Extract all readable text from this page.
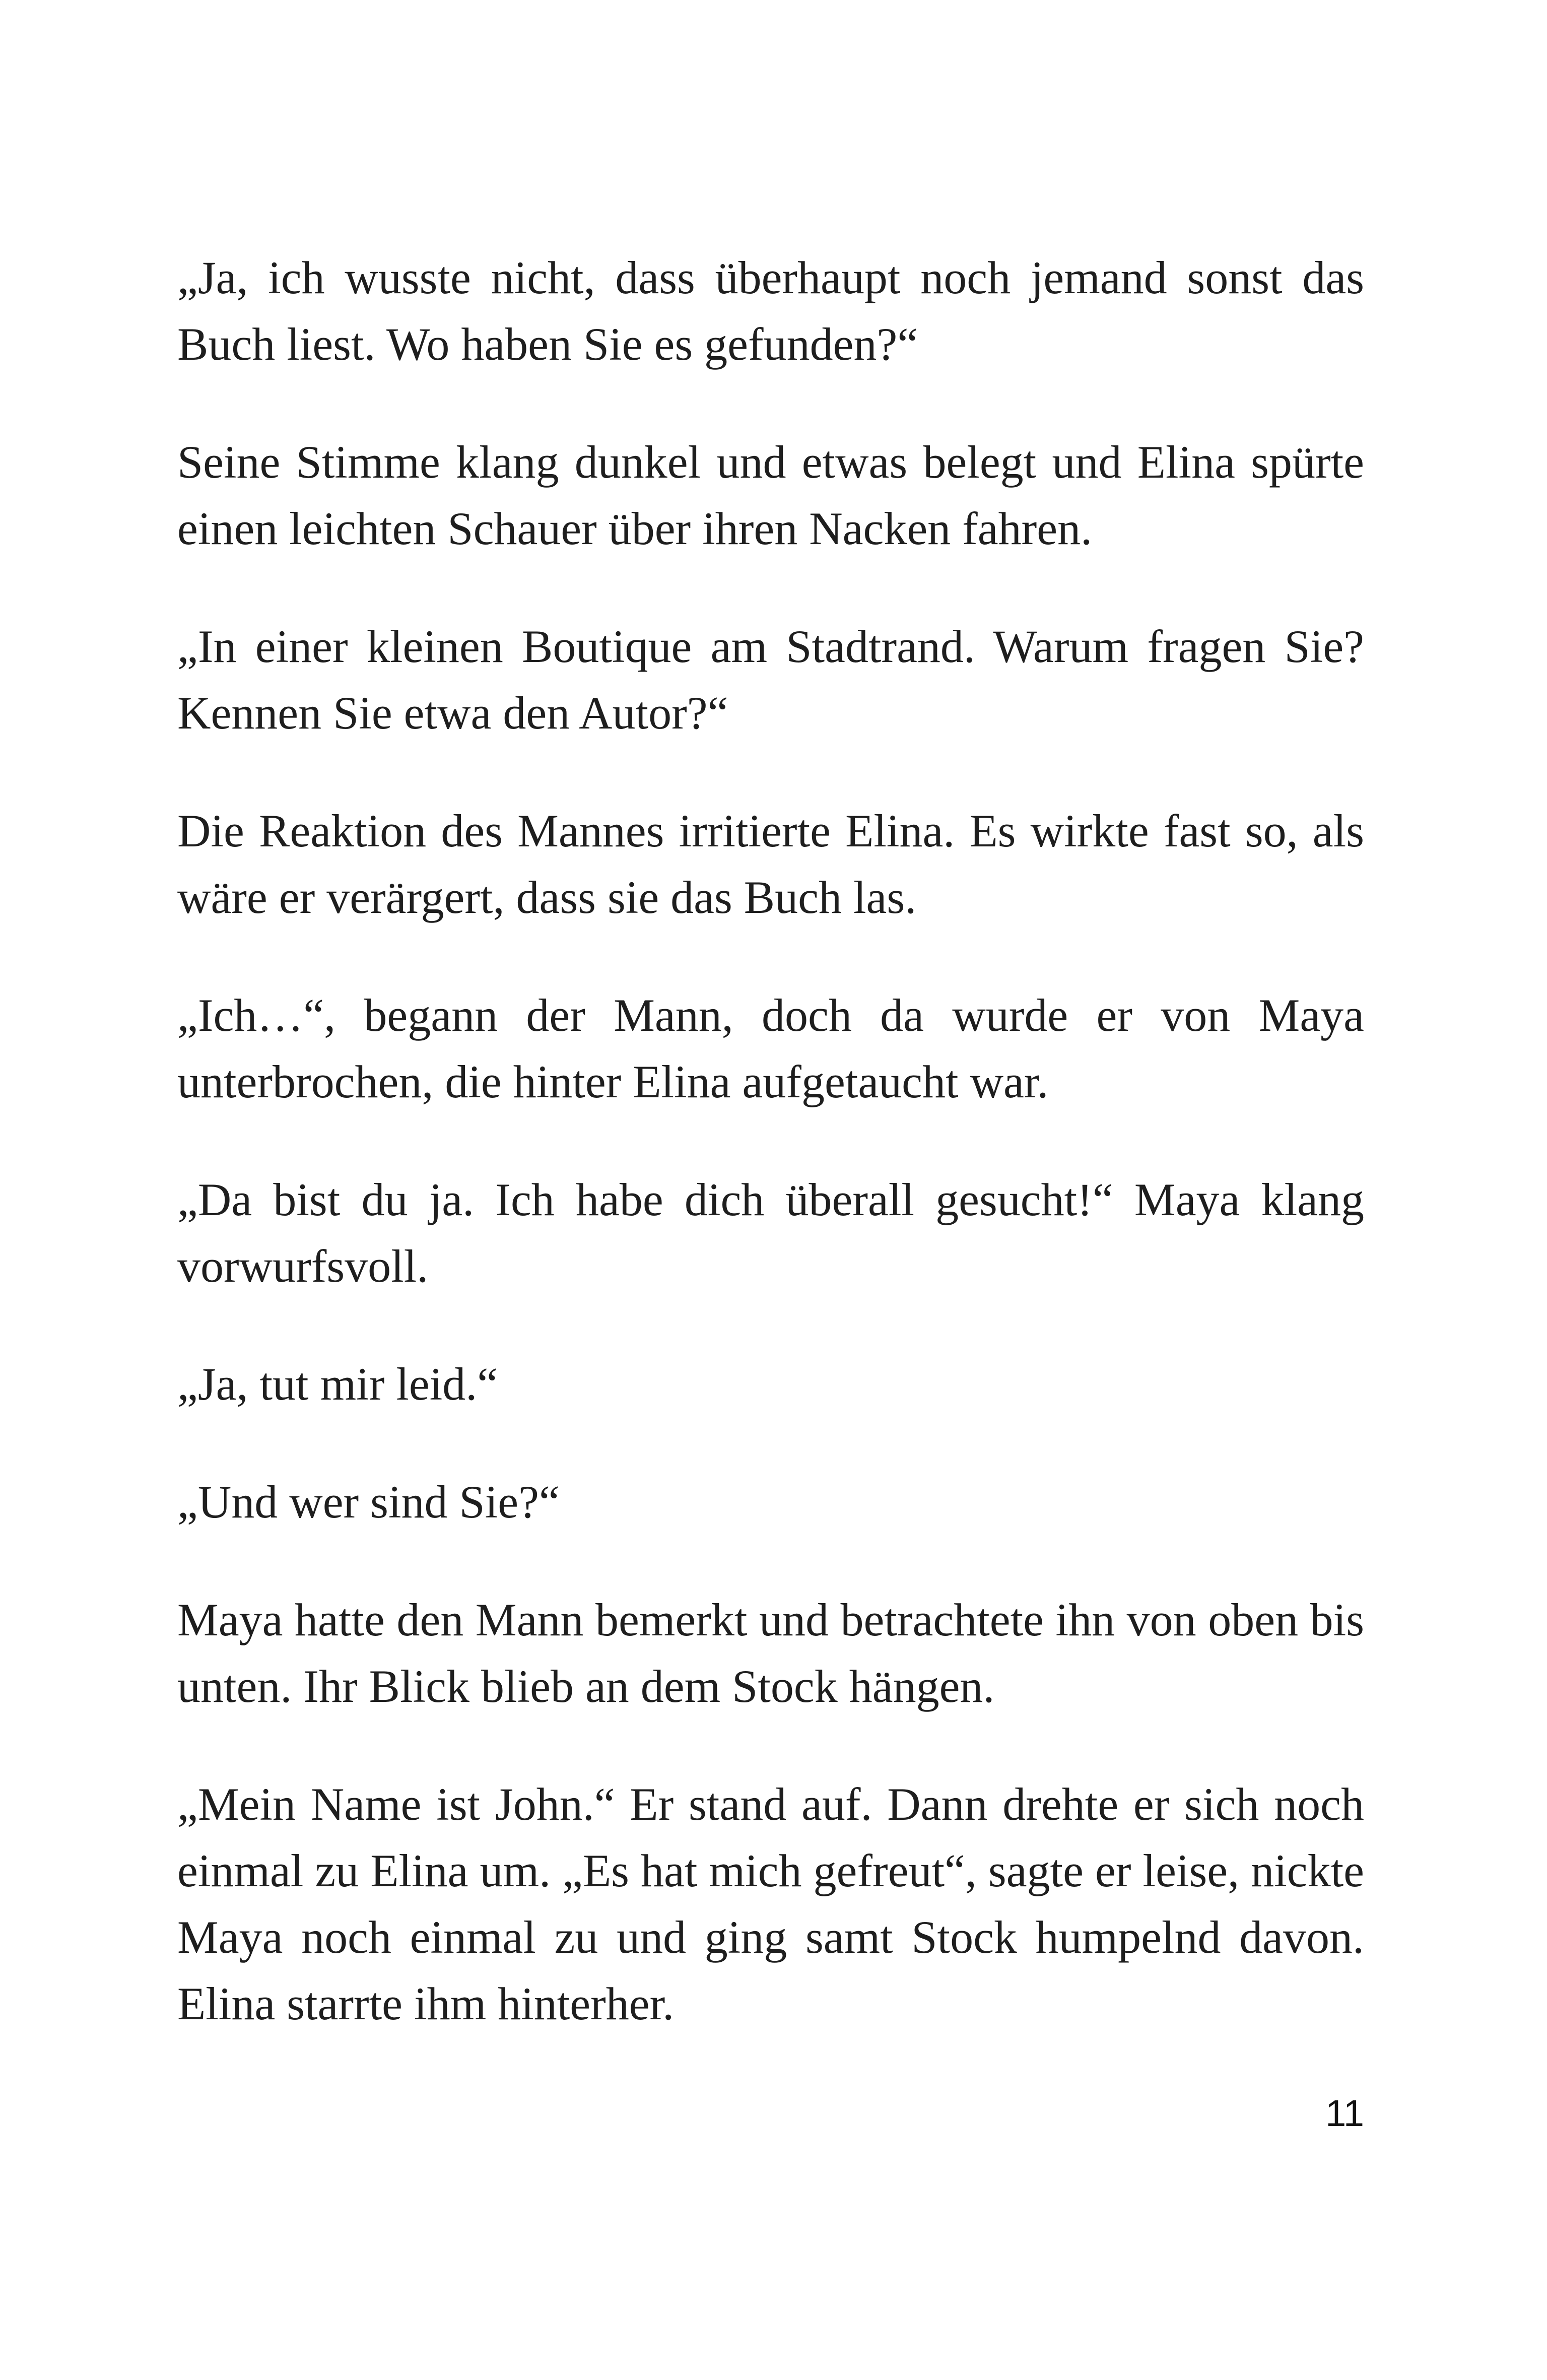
„Ja, ich wusste nicht, dass überhaupt noch jemand sonst das Buch liest. Wo haben Sie es gefunden?“

Seine Stimme klang dunkel und etwas belegt und Elina spürte einen leichten Schauer über ihren Nacken fahren.

„In einer kleinen Boutique am Stadtrand. Warum fragen Sie? Kennen Sie etwa den Autor?“

Die Reaktion des Mannes irritierte Elina. Es wirkte fast so, als wäre er verärgert, dass sie das Buch las.

„Ich…“, begann der Mann, doch da wurde er von Maya unterbrochen, die hinter Elina aufgetaucht war.

„Da bist du ja. Ich habe dich überall gesucht!“ Maya klang vorwurfsvoll.

„Ja, tut mir leid.“

„Und wer sind Sie?“

Maya hatte den Mann bemerkt und betrachtete ihn von oben bis unten. Ihr Blick blieb an dem Stock hängen.

„Mein Name ist John.“ Er stand auf. Dann drehte er sich noch einmal zu Elina um. „Es hat mich gefreut“, sagte er leise, nickte Maya noch einmal zu und ging samt Stock humpelnd davon. Elina starrte ihm hinterher.

11
